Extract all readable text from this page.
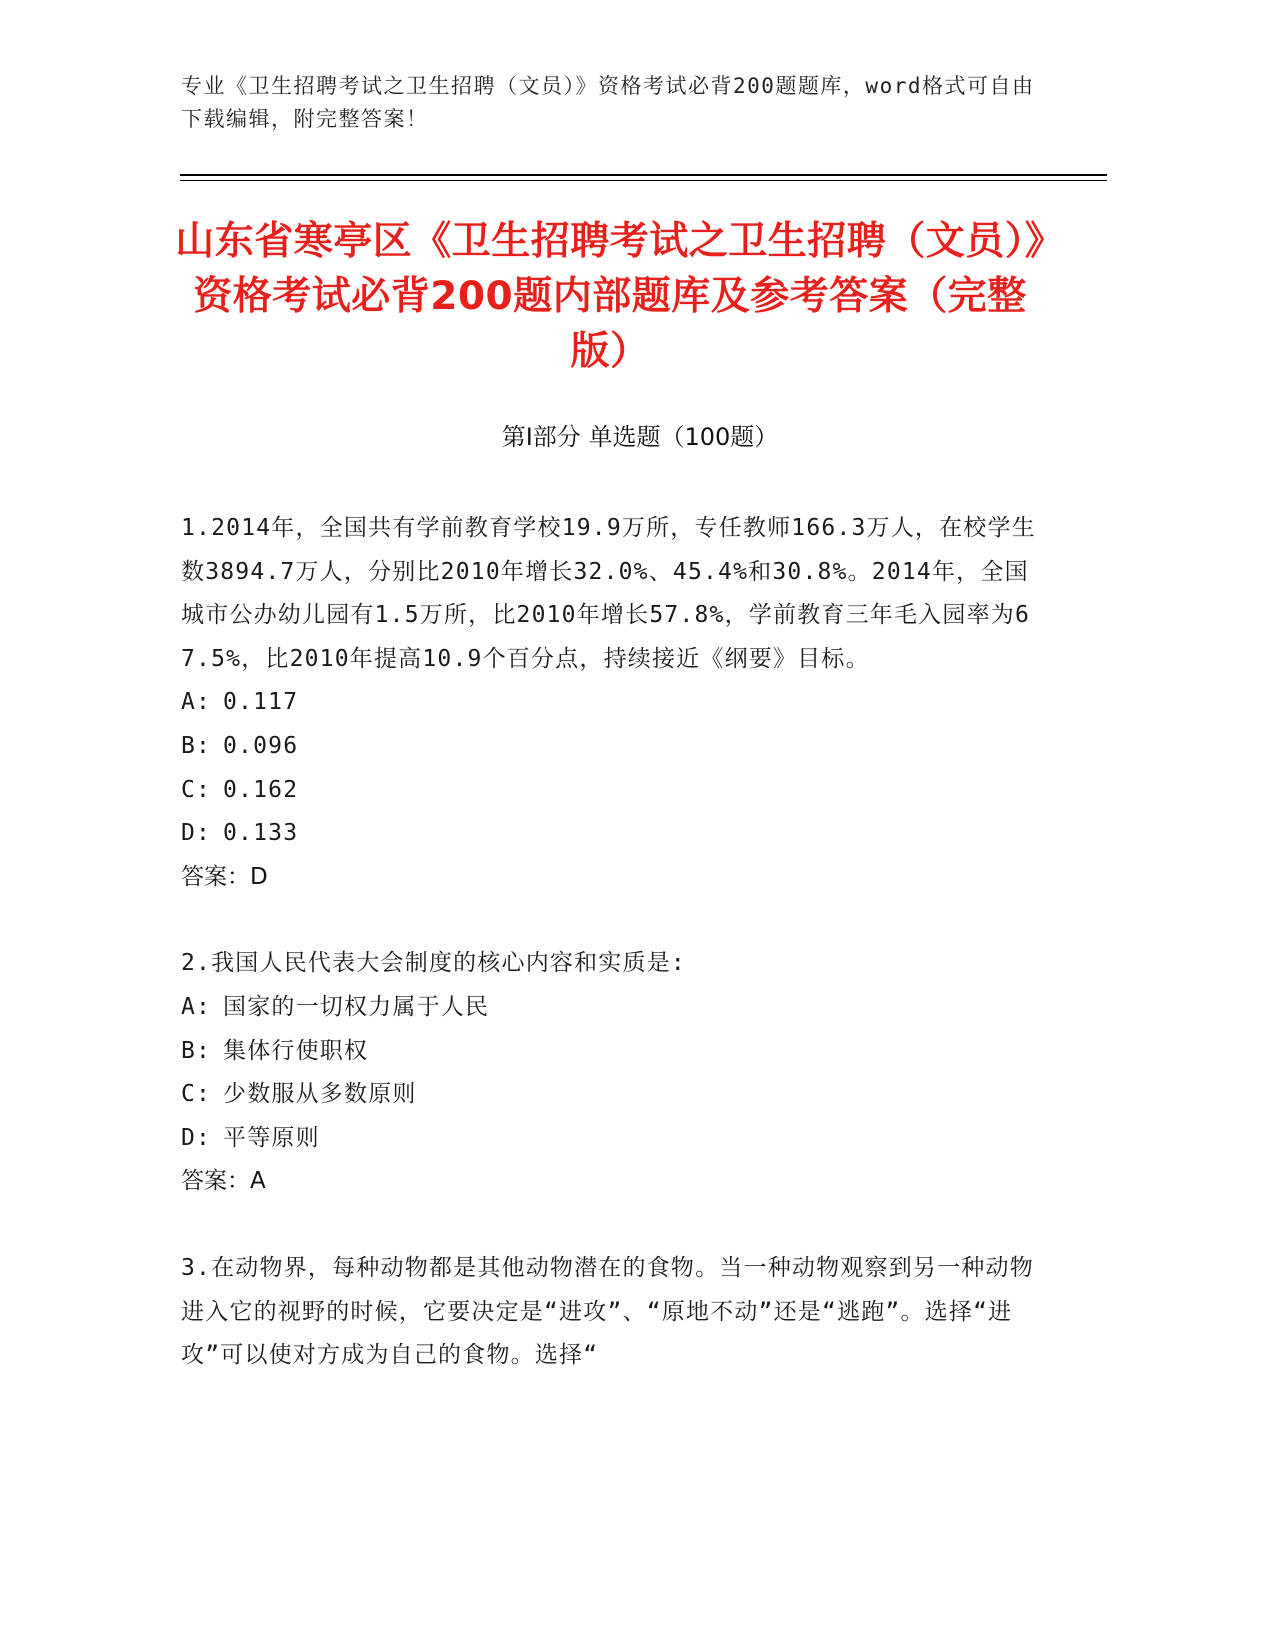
专业《卫生招聘考试之卫生招聘（文员）》资格考试必背200题题库，word格式可自由下载编辑，附完整答案！
山东省寒亭区《卫生招聘考试之卫生招聘（文员）》资格考试必背200题内部题库及参考答案（完整版）
第Ⅰ部分 单选题（100题）

1.2014年，全国共有学前教育学校19.9万所，专任教师166.3万人，在校学生数3894.7万人，分别比2010年增长32.0%、45.4%和30.8%。2014年，全国城市公办幼儿园有1.5万所，比2010年增长57.8%，学前教育三年毛入园率为67.5%，比2010年提高10.9个百分点，持续接近《纲要》目标。

A: 0.117

B: 0.096

C: 0.162

D: 0.133

答案：D

2.我国人民代表大会制度的核心内容和实质是:

A: 国家的一切权力属于人民

B: 集体行使职权

C: 少数服从多数原则

D: 平等原则

答案：A

3.在动物界，每种动物都是其他动物潜在的食物。当一种动物观察到另一种动物进入它的视野的时候，它要决定是“进攻”、“原地不动”还是“逃跑”。选择“进攻”可以使对方成为自己的食物。选择“
